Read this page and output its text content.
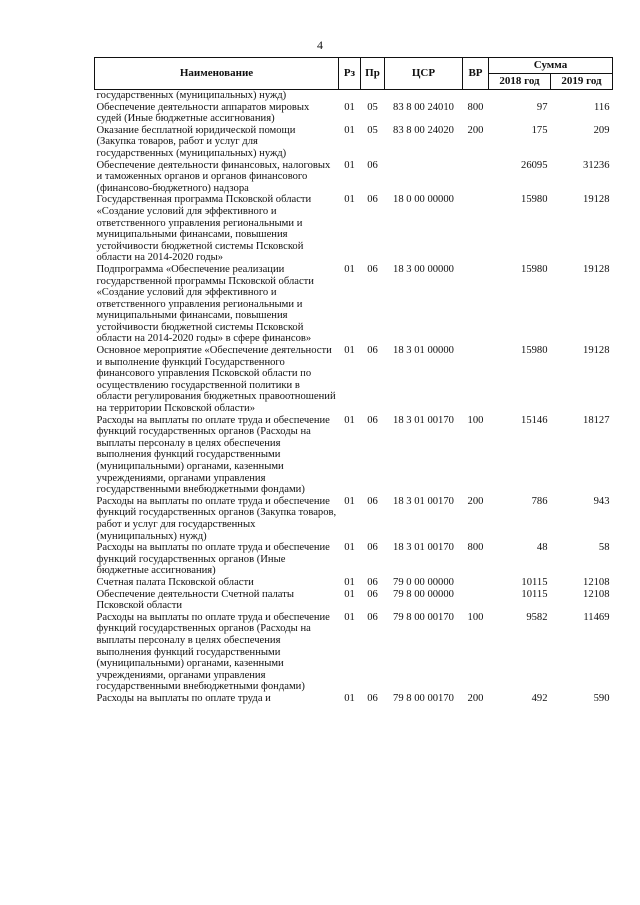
4
Наименование	Рз	Пр	ЦСР	ВР	Сумма	
					2018 год	2019 год
государственных (муниципальных) нужд)						
Обеспечение деятельности аппаратов мировых судей (Иные бюджетные ассигнования)	01	05	83 8 00 24010	800	97	116
Оказание бесплатной юридической помощи (Закупка товаров, работ и услуг для государственных (муниципальных) нужд)	01	05	83 8 00 24020	200	175	209
Обеспечение деятельности финансовых, налоговых и таможенных органов и органов финансового (финансово-бюджетного) надзора	01	06			26095	31236
Государственная программа Псковской области «Создание условий для эффективного и ответственного управления региональными и муниципальными финансами, повышения устойчивости бюджетной системы Псковской области на 2014-2020 годы»	01	06	18 0 00 00000		15980	19128
Подпрограмма «Обеспечение реализации государственной программы Псковской области «Создание условий для эффективного и ответственного управления региональными и муниципальными финансами, повышения устойчивости бюджетной системы Псковской области на 2014-2020 годы» в сфере финансов»	01	06	18 3 00 00000		15980	19128
Основное мероприятие «Обеспечение деятельности и выполнение функций Государственного финансового управления Псковской области по осуществлению государственной политики в области регулирования бюджетных правоотношений на территории Псковской области»	01	06	18 3 01 00000		15980	19128
Расходы на выплаты по оплате труда и обеспечение функций государственных органов (Расходы на выплаты персоналу в целях обеспечения выполнения функций государственными (муниципальными) органами, казенными учреждениями, органами управления государственными внебюджетными фондами)	01	06	18 3 01 00170	100	15146	18127
Расходы на выплаты по оплате труда и обеспечение функций государственных органов (Закупка товаров, работ и услуг для государственных (муниципальных) нужд)	01	06	18 3 01 00170	200	786	943
Расходы на выплаты по оплате труда и обеспечение функций государственных органов (Иные бюджетные ассигнования)	01	06	18 3 01 00170	800	48	58
Счетная палата Псковской области	01	06	79 0 00 00000		10115	12108
Обеспечение деятельности Счетной палаты Псковской области	01	06	79 8 00 00000		10115	12108
Расходы на выплаты по оплате труда и обеспечение функций государственных органов (Расходы на выплаты персоналу в целях обеспечения выполнения функций государственными (муниципальными) органами, казенными учреждениями, органами управления государственными внебюджетными фондами)	01	06	79 8 00 00170	100	9582	11469
Расходы на выплаты по оплате труда и	01	06	79 8 00 00170	200	492	590
